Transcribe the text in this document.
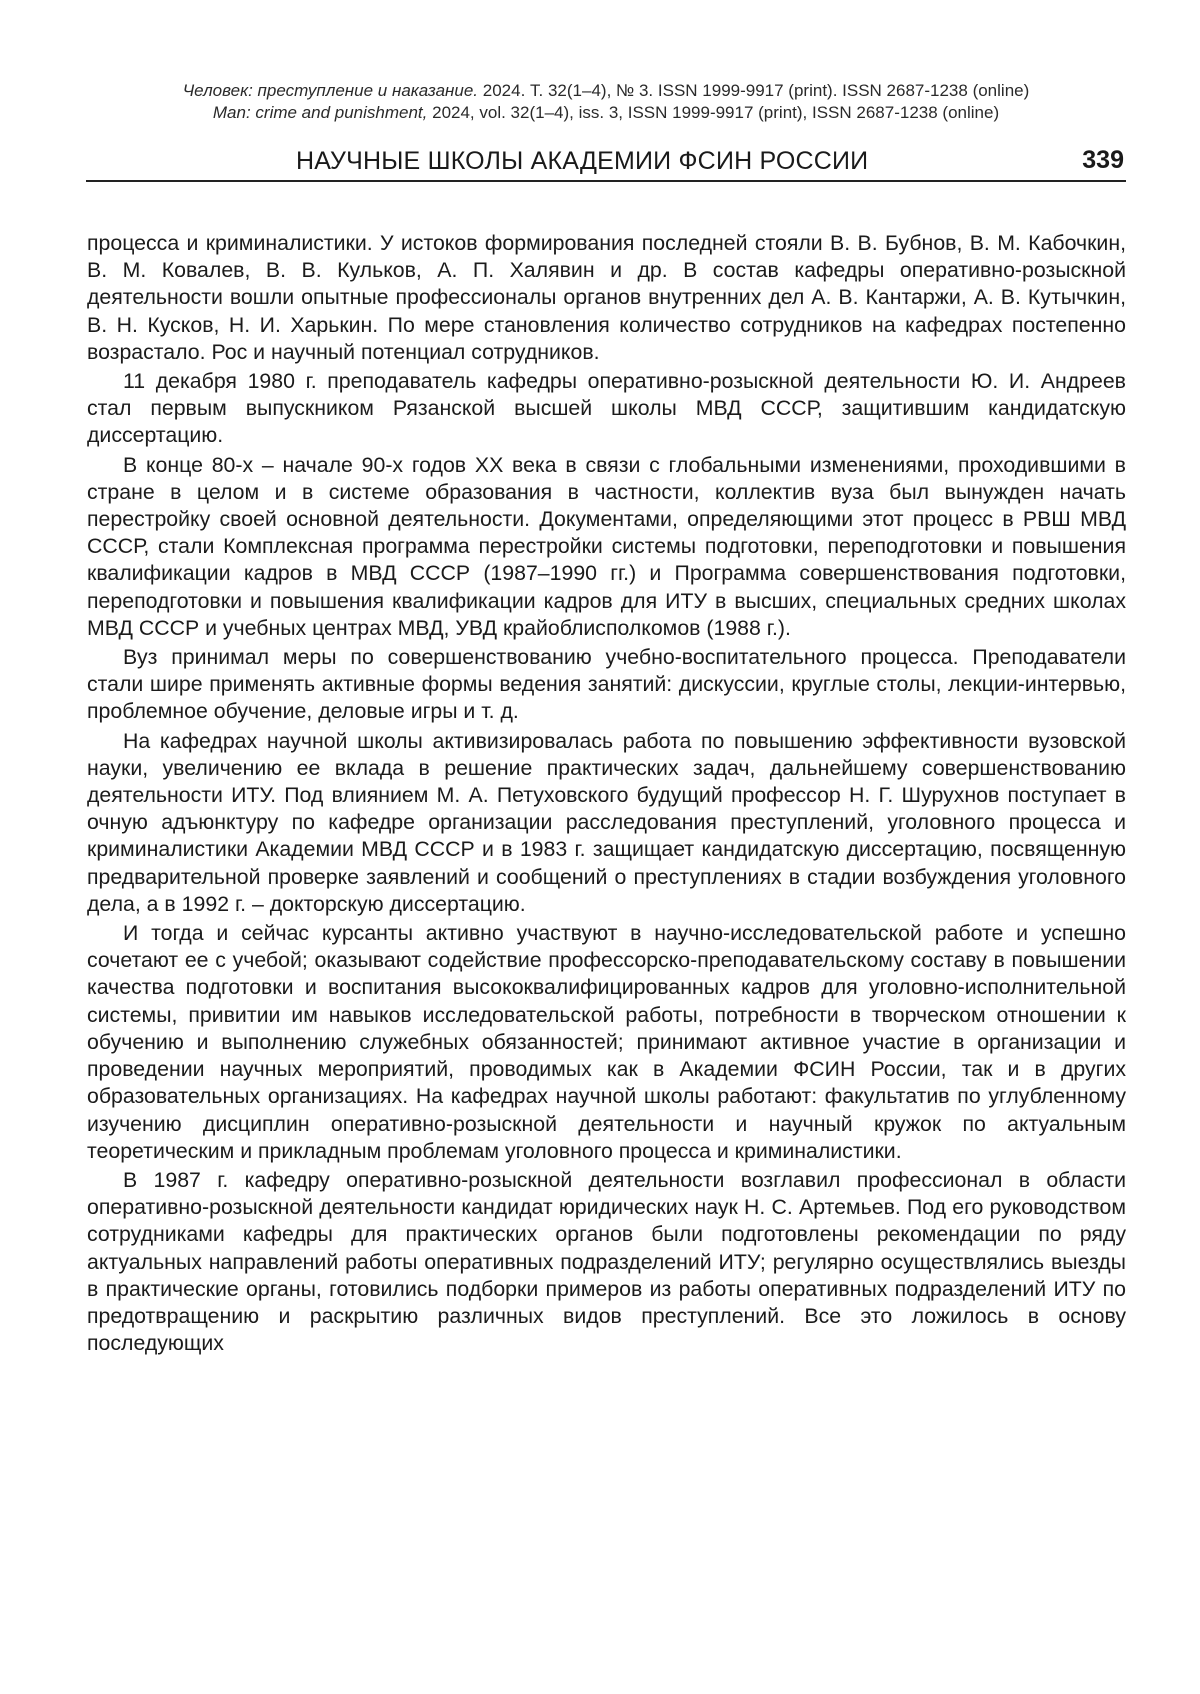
Человек: преступление и наказание. 2024. Т. 32(1–4), № 3. ISSN 1999-9917 (print). ISSN 2687-1238 (online)
Man: crime and punishment, 2024, vol. 32(1–4), iss. 3, ISSN 1999-9917 (print), ISSN 2687-1238 (online)
НАУЧНЫЕ ШКОЛЫ АКАДЕМИИ ФСИН РОССИИ	339

процесса и криминалистики. У истоков формирования последней стояли В. В. Бубнов, В. М. Кабочкин, В. М. Ковалев, В. В. Кульков, А. П. Халявин и др. В состав кафедры оперативно-розыскной деятельности вошли опытные профессионалы органов внутренних дел А. В. Кантаржи, А. В. Кутычкин, В. Н. Кусков, Н. И. Харькин. По мере становления количество сотрудников на кафедрах постепенно возрастало. Рос и научный потенциал сотрудников.

11 декабря 1980 г. преподаватель кафедры оперативно-розыскной деятельности Ю. И. Андреев стал первым выпускником Рязанской высшей школы МВД СССР, защитившим кандидатскую диссертацию.

В конце 80-х – начале 90-х годов XX века в связи с глобальными изменениями, проходившими в стране в целом и в системе образования в частности, коллектив вуза был вынужден начать перестройку своей основной деятельности. Документами, определяющими этот процесс в РВШ МВД СССР, стали Комплексная программа перестройки системы подготовки, переподготовки и повышения квалификации кадров в МВД СССР (1987–1990 гг.) и Программа совершенствования подготовки, переподготовки и повышения квалификации кадров для ИТУ в высших, специальных средних школах МВД СССР и учебных центрах МВД, УВД крайоблисполкомов (1988 г.).

Вуз принимал меры по совершенствованию учебно-воспитательного процесса. Преподаватели стали шире применять активные формы ведения занятий: дискуссии, круглые столы, лекции-интервью, проблемное обучение, деловые игры и т. д.

На кафедрах научной школы активизировалась работа по повышению эффективности вузовской науки, увеличению ее вклада в решение практических задач, дальнейшему совершенствованию деятельности ИТУ. Под влиянием М. А. Петуховского будущий профессор Н. Г. Шурухнов поступает в очную адъюнктуру по кафедре организации расследования преступлений, уголовного процесса и криминалистики Академии МВД СССР и в 1983 г. защищает кандидатскую диссертацию, посвященную предварительной проверке заявлений и сообщений о преступлениях в стадии возбуждения уголовного дела, а в 1992 г. – докторскую диссертацию.

И тогда и сейчас курсанты активно участвуют в научно-исследовательской работе и успешно сочетают ее с учебой; оказывают содействие профессорско-преподавательскому составу в повышении качества подготовки и воспитания высококвалифицированных кадров для уголовно-исполнительной системы, привитии им навыков исследовательской работы, потребности в творческом отношении к обучению и выполнению служебных обязанностей; принимают активное участие в организации и проведении научных мероприятий, проводимых как в Академии ФСИН России, так и в других образовательных организациях. На кафедрах научной школы работают: факультатив по углубленному изучению дисциплин оперативно-розыскной деятельности и научный кружок по актуальным теоретическим и прикладным проблемам уголовного процесса и криминалистики.

В 1987 г. кафедру оперативно-розыскной деятельности возглавил профессионал в области оперативно-розыскной деятельности кандидат юридических наук Н. С. Артемьев. Под его руководством сотрудниками кафедры для практических органов были подготовлены рекомендации по ряду актуальных направлений работы оперативных подразделений ИТУ; регулярно осуществлялись выезды в практические органы, готовились подборки примеров из работы оперативных подразделений ИТУ по предотвращению и раскрытию различных видов преступлений. Все это ложилось в основу последующих
